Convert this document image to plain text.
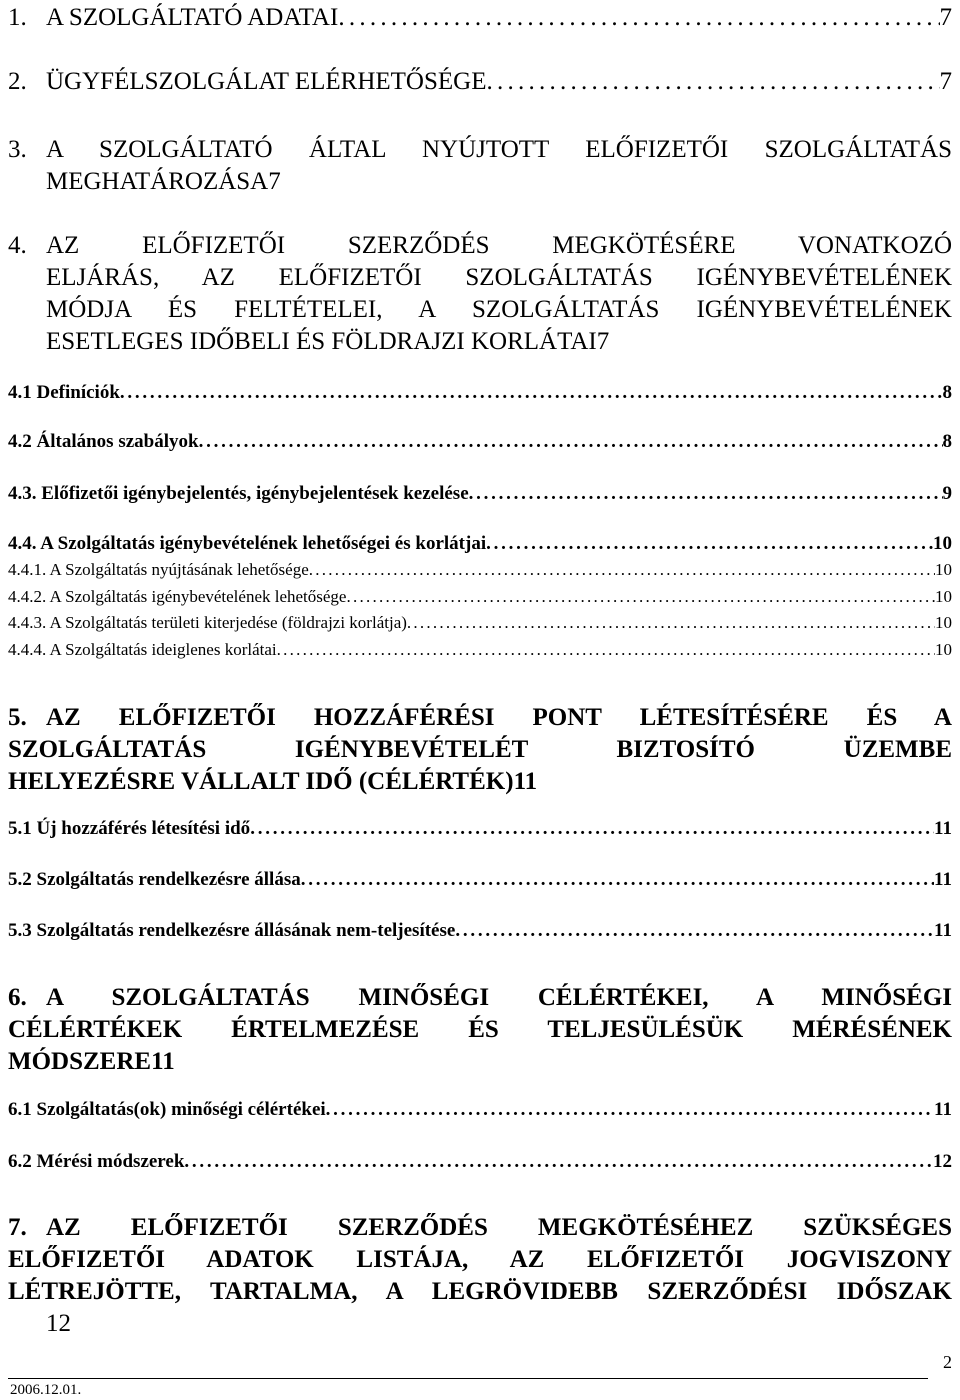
1. A SZOLGÁLTATÓ ADATAI . . .	7
2. ÜGYFÉLSZOLGÁLAT ELÉRHETŐSÉGE . . .	7
3. A SZOLGÁLTATÓ ÁLTAL NYÚJTOTT ELŐFIZETŐI SZOLGÁLTATÁS
MEGHATÁROZÁSA 7
4. AZ ELŐFIZETŐI SZERZŐDÉS MEGKÖTÉSÉRE VONATKOZÓ
ELJÁRÁS, AZ ELŐFIZETŐI SZOLGÁLTATÁS IGÉNYBEVÉTELÉNEK
MÓDJA ÉS FELTÉTELEI, A SZOLGÁLTATÁS IGÉNYBEVÉTELÉNEK
ESETLEGES IDŐBELI ÉS FÖLDRAJZI KORLÁTAI 7
4.1 Definíciók . . .	8
4.2 Általános szabályok . . .	8
4.3. Előfizetői igénybejelentés, igénybejelentések kezelése . . .	9
4.4. A Szolgáltatás igénybevételének lehetőségei és korlátjai . . .	10
4.4.1. A Szolgáltatás nyújtásának lehetősége . . .	10
4.4.2. A Szolgáltatás igénybevételének lehetősége . . .	10
4.4.3. A Szolgáltatás területi kiterjedése (földrajzi korlátja) . . .	10
4.4.4. A Szolgáltatás ideiglenes korlátai . . .	10
5. AZ ELŐFIZETŐI HOZZÁFÉRÉSI PONT LÉTESÍTÉSÉRE ÉS A
SZOLGÁLTATÁS IGÉNYBEVÉTELÉT BIZTOSÍTÓ ÜZEMBE
HELYEZÉSRE VÁLLALT IDŐ (CÉLÉRTÉK) 11
5.1 Új hozzáférés létesítési idő . . .	11
5.2 Szolgáltatás rendelkezésre állása . . .	11
5.3 Szolgáltatás rendelkezésre állásának nem-teljesítése . . .	11
6. A SZOLGÁLTATÁS MINŐSÉGI CÉLÉRTÉKEI, A MINŐSÉGI
CÉLÉRTÉKEK ÉRTELMEZÉSE ÉS TELJESÜLÉSÜK MÉRÉSÉNEK
MÓDSZERE 11
6.1 Szolgáltatás(ok) minőségi célértékei . . .	11
6.2 Mérési módszerek . . .	12
7. AZ ELŐFIZETŐI SZERZŐDÉS MEGKÖTÉSÉHEZ SZÜKSÉGES
ELŐFIZETŐI ADATOK LISTÁJA, AZ ELŐFIZETŐI JOGVISZONY
LÉTREJÖTTE, TARTALMA, A LEGRÖVIDEBB SZERZŐDÉSI IDŐSZAK
12
2
2006.12.01.
